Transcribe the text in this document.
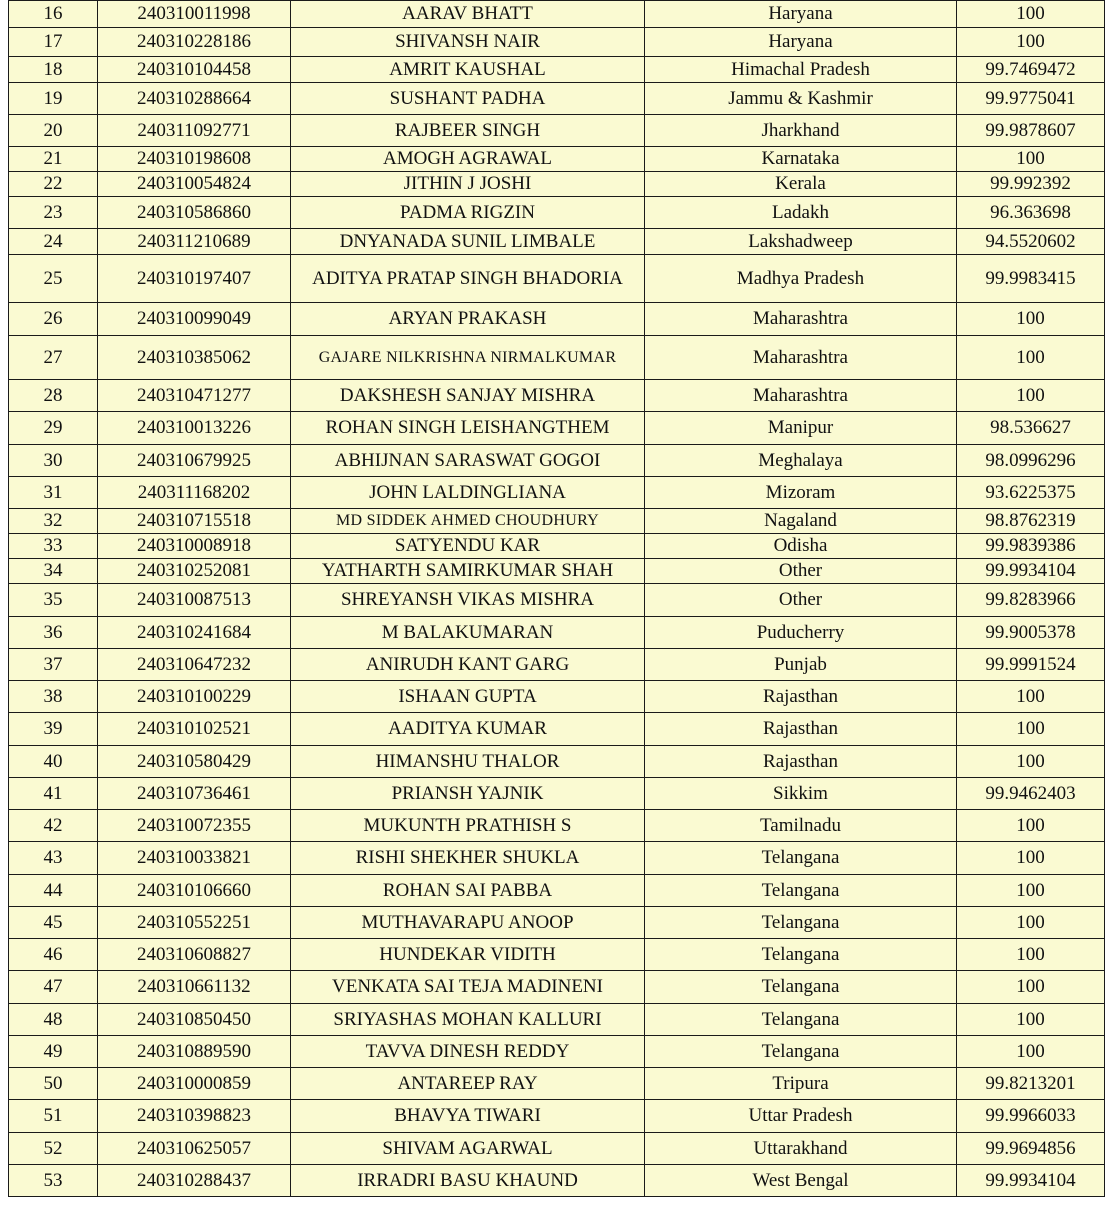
16	240310011998	AARAV BHATT	Haryana	100
17	240310228186	SHIVANSH NAIR	Haryana	100
18	240310104458	AMRIT KAUSHAL	Himachal Pradesh	99.7469472
19	240310288664	SUSHANT PADHA	Jammu & Kashmir	99.9775041
20	240311092771	RAJBEER SINGH	Jharkhand	99.9878607
21	240310198608	AMOGH AGRAWAL	Karnataka	100
22	240310054824	JITHIN J JOSHI	Kerala	99.992392
23	240310586860	PADMA RIGZIN	Ladakh	96.363698
24	240311210689	DNYANADA SUNIL LIMBALE	Lakshadweep	94.5520602
25	240310197407	ADITYA PRATAP SINGH BHADORIA	Madhya Pradesh	99.9983415
26	240310099049	ARYAN PRAKASH	Maharashtra	100
27	240310385062	GAJARE NILKRISHNA NIRMALKUMAR	Maharashtra	100
28	240310471277	DAKSHESH SANJAY MISHRA	Maharashtra	100
29	240310013226	ROHAN SINGH LEISHANGTHEM	Manipur	98.536627
30	240310679925	ABHIJNAN SARASWAT GOGOI	Meghalaya	98.0996296
31	240311168202	JOHN LALDINGLIANA	Mizoram	93.6225375
32	240310715518	MD SIDDEK AHMED CHOUDHURY	Nagaland	98.8762319
33	240310008918	SATYENDU KAR	Odisha	99.9839386
34	240310252081	YATHARTH SAMIRKUMAR SHAH	Other	99.9934104
35	240310087513	SHREYANSH VIKAS MISHRA	Other	99.8283966
36	240310241684	M BALAKUMARAN	Puducherry	99.9005378
37	240310647232	ANIRUDH KANT GARG	Punjab	99.9991524
38	240310100229	ISHAAN GUPTA	Rajasthan	100
39	240310102521	AADITYA KUMAR	Rajasthan	100
40	240310580429	HIMANSHU THALOR	Rajasthan	100
41	240310736461	PRIANSH YAJNIK	Sikkim	99.9462403
42	240310072355	MUKUNTH PRATHISH S	Tamilnadu	100
43	240310033821	RISHI SHEKHER SHUKLA	Telangana	100
44	240310106660	ROHAN SAI PABBA	Telangana	100
45	240310552251	MUTHAVARAPU ANOOP	Telangana	100
46	240310608827	HUNDEKAR VIDITH	Telangana	100
47	240310661132	VENKATA SAI TEJA MADINENI	Telangana	100
48	240310850450	SRIYASHAS MOHAN KALLURI	Telangana	100
49	240310889590	TAVVA DINESH REDDY	Telangana	100
50	240310000859	ANTAREEP RAY	Tripura	99.8213201
51	240310398823	BHAVYA TIWARI	Uttar Pradesh	99.9966033
52	240310625057	SHIVAM AGARWAL	Uttarakhand	99.9694856
53	240310288437	IRRADRI BASU KHAUND	West Bengal	99.9934104
